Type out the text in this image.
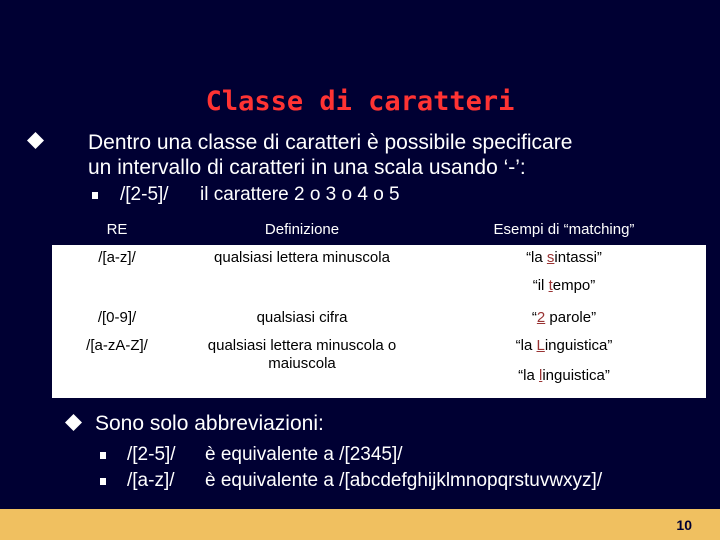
Classe di caratteri
Dentro una classe di caratteri è possibile specificare
un intervallo di caratteri in una scala usando ‘-’:
/[2-5]/ il carattere 2 o 3 o 4 o 5
RE	Definizione	Esempi di “matching”
/[a-z]/	qualsiasi lettera minuscola	“la sintassi”
“il tempo”
/[0-9]/	qualsiasi cifra	“2 parole”
/[a-zA-Z]/	qualsiasi lettera minuscola o maiuscola
“la Linguistica”
“la linguistica”
Sono solo abbreviazioni:
/[2-5]/ è equivalente a /[2345]/
/[a-z]/ è equivalente a /[abcdefghijklmnopqrstuvwxyz]/
10
